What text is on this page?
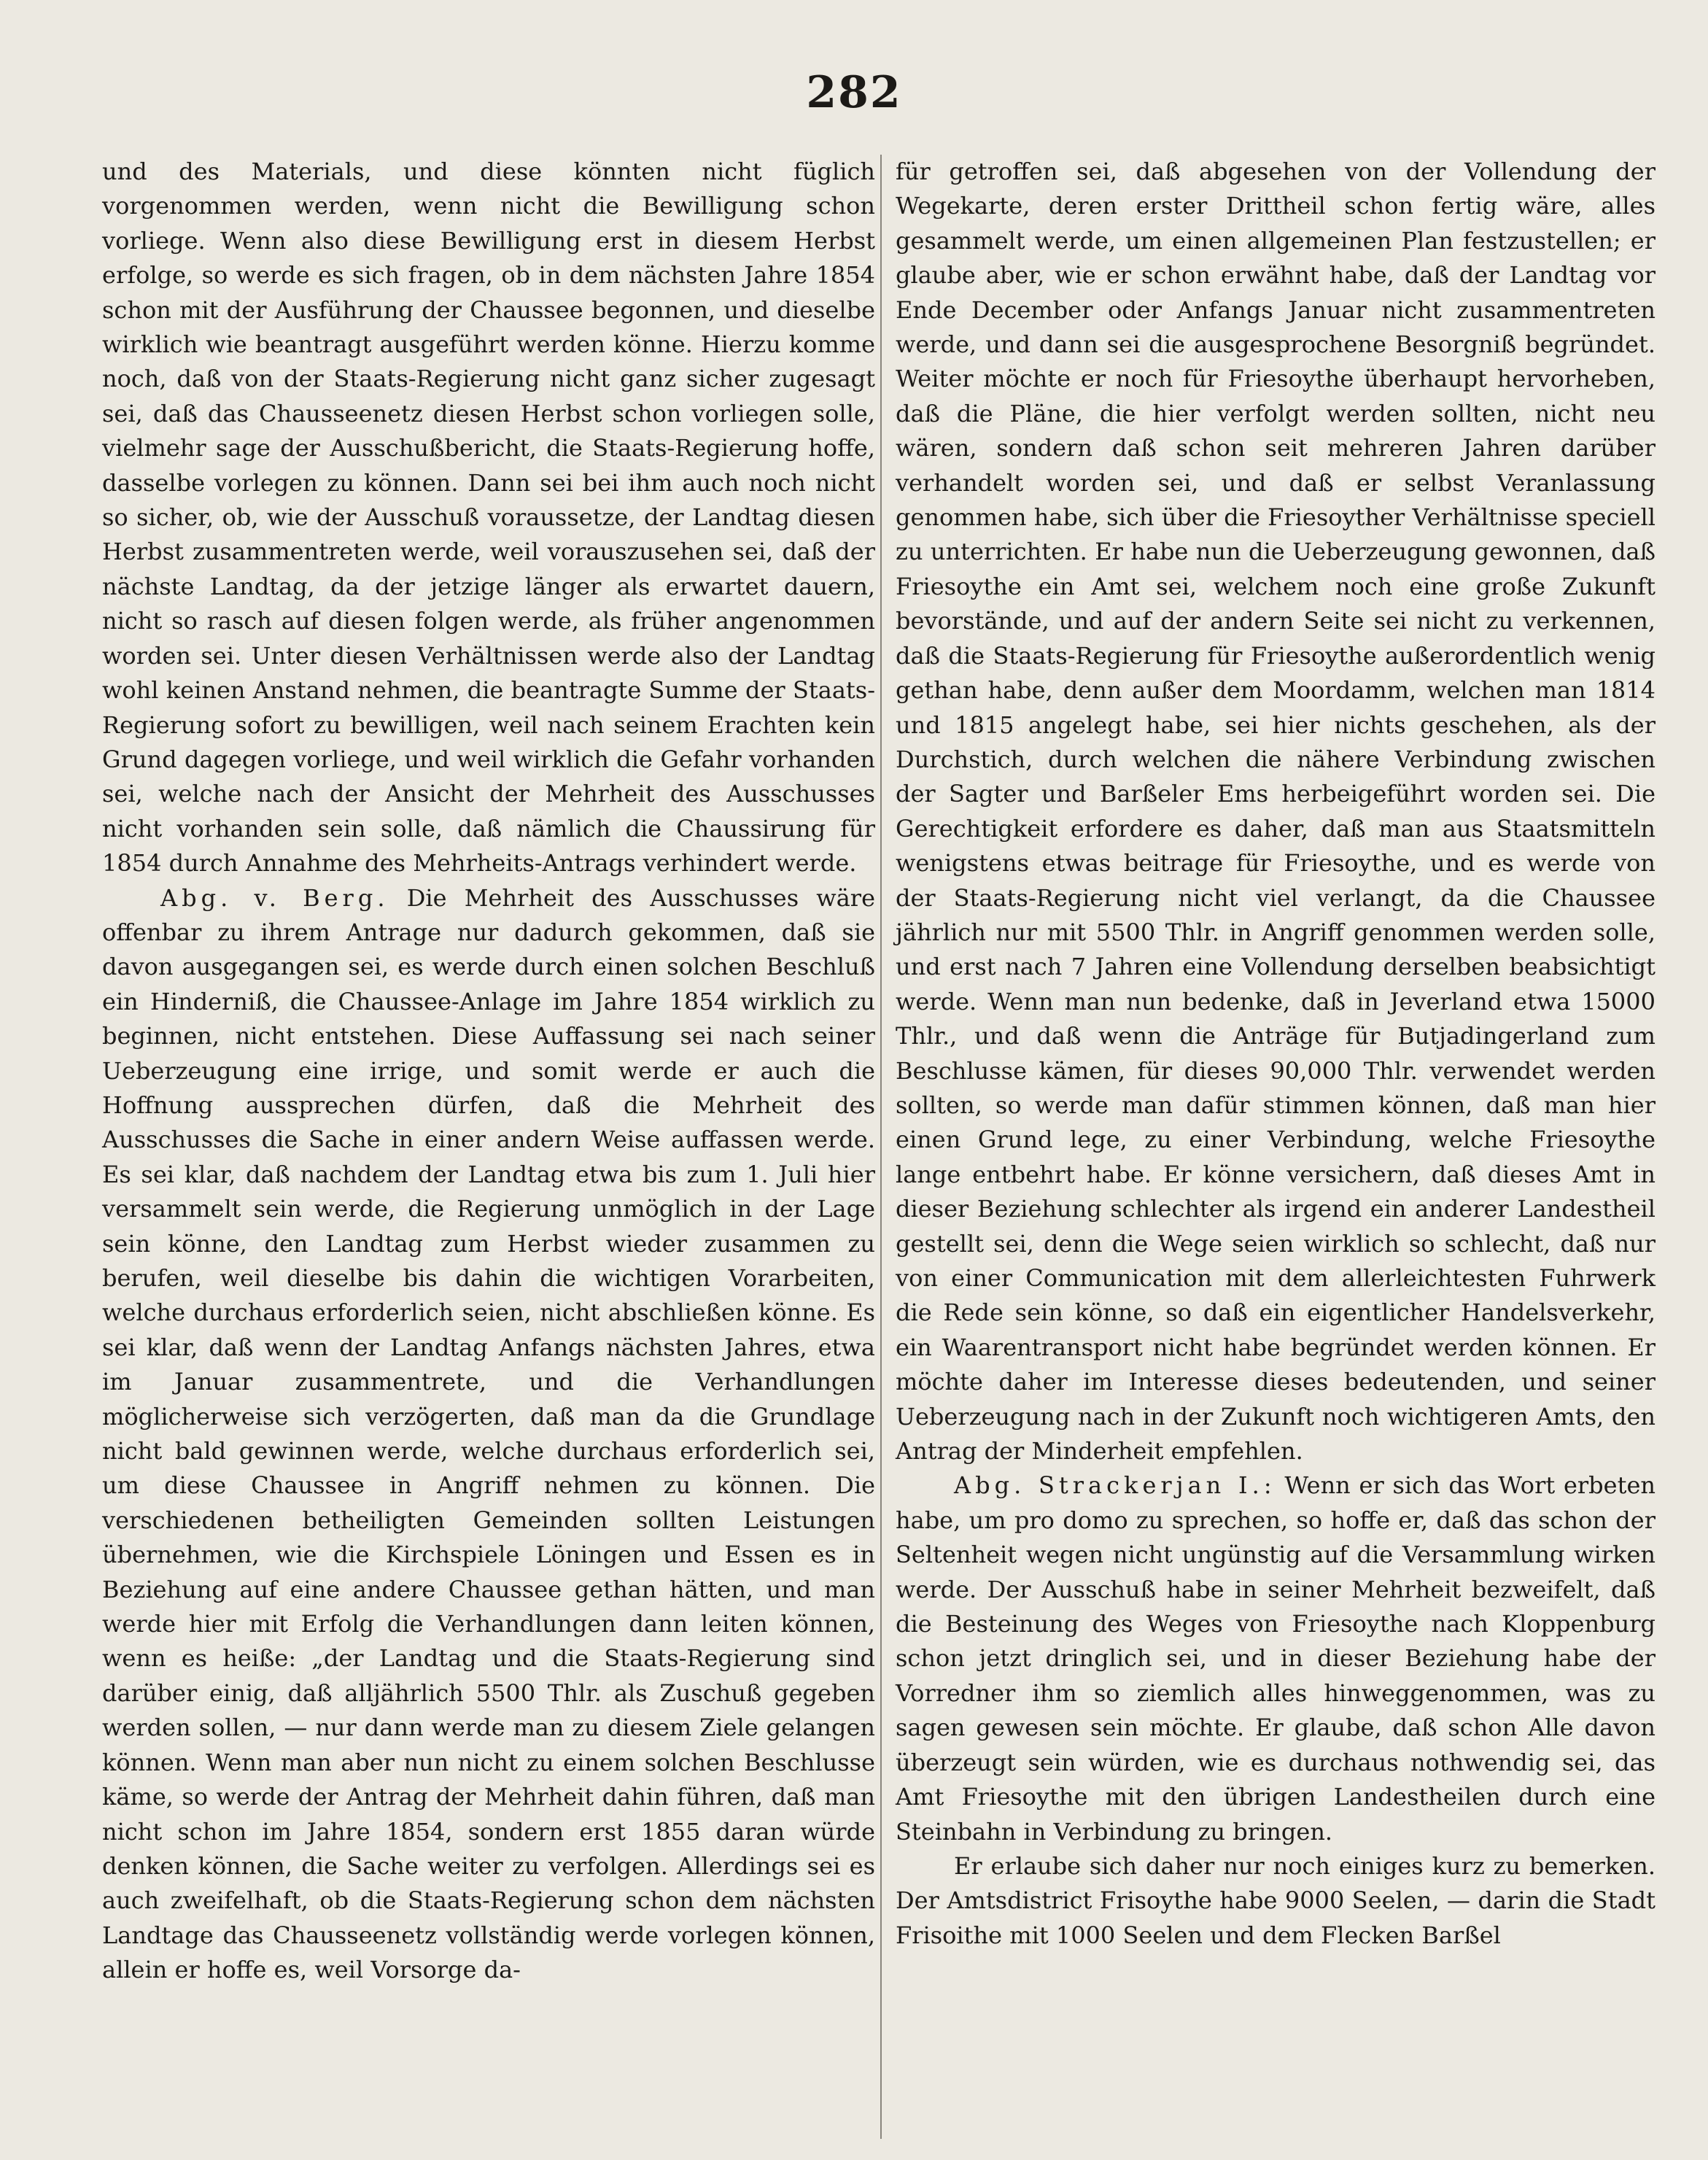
282

und des Materials, und diese könnten nicht füglich vorgenommen werden, wenn nicht die Bewilligung schon vorliege. Wenn also diese Bewilligung erst in diesem Herbst erfolge, so werde es sich fragen, ob in dem nächsten Jahre 1854 schon mit der Ausführung der Chaussee begonnen, und dieselbe wirklich wie beantragt ausgeführt werden könne. Hierzu komme noch, daß von der Staats-Regierung nicht ganz sicher zugesagt sei, daß das Chausseenetz diesen Herbst schon vorliegen solle, vielmehr sage der Ausschußbericht, die Staats-Regierung hoffe, dasselbe vorlegen zu können. Dann sei bei ihm auch noch nicht so sicher, ob, wie der Ausschuß voraussetze, der Landtag diesen Herbst zusammentreten werde, weil vorauszusehen sei, daß der nächste Landtag, da der jetzige länger als erwartet dauern, nicht so rasch auf diesen folgen werde, als früher angenommen worden sei. Unter diesen Verhältnissen werde also der Landtag wohl keinen Anstand nehmen, die beantragte Summe der Staats-Regierung sofort zu bewilligen, weil nach seinem Erachten kein Grund dagegen vorliege, und weil wirklich die Gefahr vorhanden sei, welche nach der Ansicht der Mehrheit des Ausschusses nicht vorhanden sein solle, daß nämlich die Chaussirung für 1854 durch Annahme des Mehrheits-Antrags verhindert werde.

Abg. v. Berg. Die Mehrheit des Ausschusses wäre offenbar zu ihrem Antrage nur dadurch gekommen, daß sie davon ausgegangen sei, es werde durch einen solchen Beschluß ein Hinderniß, die Chaussee-Anlage im Jahre 1854 wirklich zu beginnen, nicht entstehen. Diese Auffassung sei nach seiner Ueberzeugung eine irrige, und somit werde er auch die Hoffnung aussprechen dürfen, daß die Mehrheit des Ausschusses die Sache in einer andern Weise auffassen werde. Es sei klar, daß nachdem der Landtag etwa bis zum 1. Juli hier versammelt sein werde, die Regierung unmöglich in der Lage sein könne, den Landtag zum Herbst wieder zusammen zu berufen, weil dieselbe bis dahin die wichtigen Vorarbeiten, welche durchaus erforderlich seien, nicht abschließen könne. Es sei klar, daß wenn der Landtag Anfangs nächsten Jahres, etwa im Januar zusammentrete, und die Verhandlungen möglicherweise sich verzögerten, daß man da die Grundlage nicht bald gewinnen werde, welche durchaus erforderlich sei, um diese Chaussee in Angriff nehmen zu können. Die verschiedenen betheiligten Gemeinden sollten Leistungen übernehmen, wie die Kirchspiele Löningen und Essen es in Beziehung auf eine andere Chaussee gethan hätten, und man werde hier mit Erfolg die Verhandlungen dann leiten können, wenn es heiße: „der Landtag und die Staats-Regierung sind darüber einig, daß alljährlich 5500 Thlr. als Zuschuß gegeben werden sollen, — nur dann werde man zu diesem Ziele gelangen können. Wenn man aber nun nicht zu einem solchen Beschlusse käme, so werde der Antrag der Mehrheit dahin führen, daß man nicht schon im Jahre 1854, sondern erst 1855 daran würde denken können, die Sache weiter zu verfolgen. Allerdings sei es auch zweifelhaft, ob die Staats-Regierung schon dem nächsten Landtage das Chausseenetz vollständig werde vorlegen können, allein er hoffe es, weil Vorsorge da-

für getroffen sei, daß abgesehen von der Vollendung der Wegekarte, deren erster Drittheil schon fertig wäre, alles gesammelt werde, um einen allgemeinen Plan festzustellen; er glaube aber, wie er schon erwähnt habe, daß der Landtag vor Ende December oder Anfangs Januar nicht zusammentreten werde, und dann sei die ausgesprochene Besorgniß begründet. Weiter möchte er noch für Friesoythe überhaupt hervorheben, daß die Pläne, die hier verfolgt werden sollten, nicht neu wären, sondern daß schon seit mehreren Jahren darüber verhandelt worden sei, und daß er selbst Veranlassung genommen habe, sich über die Friesoyther Verhältnisse speciell zu unterrichten. Er habe nun die Ueberzeugung gewonnen, daß Friesoythe ein Amt sei, welchem noch eine große Zukunft bevorstände, und auf der andern Seite sei nicht zu verkennen, daß die Staats-Regierung für Friesoythe außerordentlich wenig gethan habe, denn außer dem Moordamm, welchen man 1814 und 1815 angelegt habe, sei hier nichts geschehen, als der Durchstich, durch welchen die nähere Verbindung zwischen der Sagter und Barßeler Ems herbeigeführt worden sei. Die Gerechtigkeit erfordere es daher, daß man aus Staatsmitteln wenigstens etwas beitrage für Friesoythe, und es werde von der Staats-Regierung nicht viel verlangt, da die Chaussee jährlich nur mit 5500 Thlr. in Angriff genommen werden solle, und erst nach 7 Jahren eine Vollendung derselben beabsichtigt werde. Wenn man nun bedenke, daß in Jeverland etwa 15000 Thlr., und daß wenn die Anträge für Butjadingerland zum Beschlusse kämen, für dieses 90,000 Thlr. verwendet werden sollten, so werde man dafür stimmen können, daß man hier einen Grund lege, zu einer Verbindung, welche Friesoythe lange entbehrt habe. Er könne versichern, daß dieses Amt in dieser Beziehung schlechter als irgend ein anderer Landestheil gestellt sei, denn die Wege seien wirklich so schlecht, daß nur von einer Communication mit dem allerleichtesten Fuhrwerk die Rede sein könne, so daß ein eigentlicher Handelsverkehr, ein Waarentransport nicht habe begründet werden können. Er möchte daher im Interesse dieses bedeutenden, und seiner Ueberzeugung nach in der Zukunft noch wichtigeren Amts, den Antrag der Minderheit empfehlen.

Abg. Strackerjan I.: Wenn er sich das Wort erbeten habe, um pro domo zu sprechen, so hoffe er, daß das schon der Seltenheit wegen nicht ungünstig auf die Versammlung wirken werde. Der Ausschuß habe in seiner Mehrheit bezweifelt, daß die Besteinung des Weges von Friesoythe nach Kloppenburg schon jetzt dringlich sei, und in dieser Beziehung habe der Vorredner ihm so ziemlich alles hinweggenommen, was zu sagen gewesen sein möchte. Er glaube, daß schon Alle davon überzeugt sein würden, wie es durchaus nothwendig sei, das Amt Friesoythe mit den übrigen Landestheilen durch eine Steinbahn in Verbindung zu bringen.

Er erlaube sich daher nur noch einiges kurz zu bemerken. Der Amtsdistrict Frisoythe habe 9000 Seelen, — darin die Stadt Frisoithe mit 1000 Seelen und dem Flecken Barßel
